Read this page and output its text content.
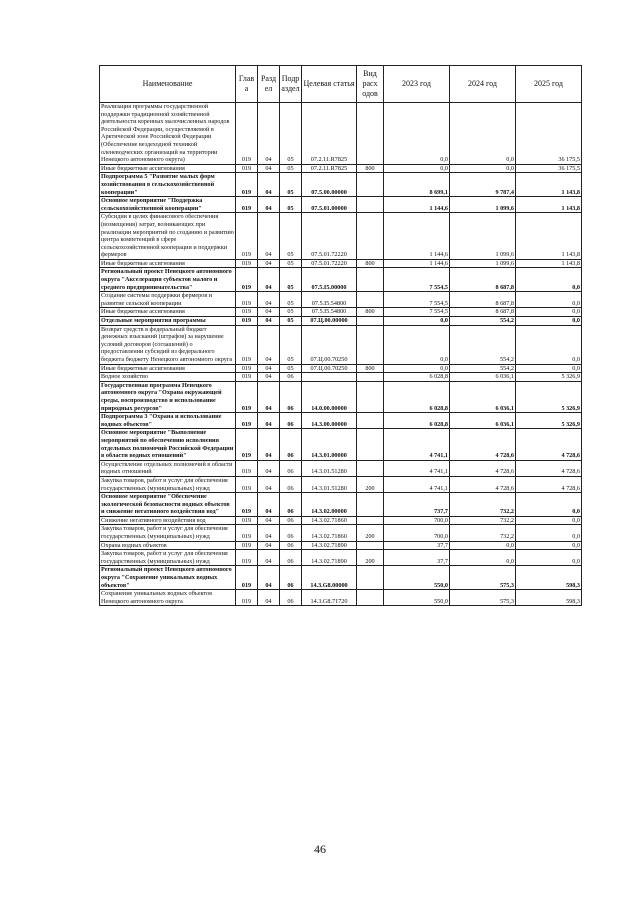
Наименование	Глав а	Разд ел	Подр аздел	Целевая статья	Вид расх одов	2023 год	2024 год	2025 год
Реализация программы государственной поддержки традиционной хозяйственной деятельности коренных малочисленных народов Российской Федерации, осуществляемой в Арктической зоне Российской Федерации (Обеспечение вездеходной техникой оленеводческих организаций на территории Ненецкого автономного округа)	019	04	05	07.2.11.R7825		0,0	0,0	36 175,5
Иные бюджетные ассигнования	019	04	05	07.2.11.R7825	800	0,0	0,0	36 175,5
Подпрограмма 5 "Развитие малых форм хозяйствования в сельскохозяйственной кооперации"	019	04	05	07.5.00.00000		8 699,1	9 787,4	1 143,8
Основное мероприятие "Поддержка сельскохозяйственной кооперации"	019	04	05	07.5.01.00000		1 144,6	1 099,6	1 143,8
Субсидии в целях финансового обеспечения (возмещения) затрат, возникающих при реализации мероприятий по созданию и развитию центра компетенций в сфере сельскохозяйственной кооперации и поддержки фермеров	019	04	05	07.5.01.72220		1 144,6	1 099,6	1 143,8
Иные бюджетные ассигнования	019	04	05	07.5.01.72220	800	1 144,6	1 099,6	1 143,8
Региональный проект Ненецкого автономного округа "Акселерация субъектов малого и среднего предпринимательства"	019	04	05	07.5.I5.00000		7 554,5	8 687,8	0,0
Создание системы поддержки фермеров и развитие сельской кооперации	019	04	05	07.5.I5.54800		7 554,5	8 687,8	0,0
Иные бюджетные ассигнования	019	04	05	07.5.I5.54800	800	7 554,5	8 687,8	0,0
Отдельные мероприятия программы	019	04	05	07.Ц.00.00000		0,0	554,2	0,0
Возврат средств в федеральный бюджет денежных взысканий (штрафов) за нарушение условий договоров (соглашений) о предоставлении субсидий из федерального бюджета бюджету Ненецкого автономного округа	019	04	05	07.Ц.00.70250		0,0	554,2	0,0
Иные бюджетные ассигнования	019	04	05	07.Ц.00.70250	800	0,0	554,2	0,0
Водное хозяйство	019	04	06			6 028,8	6 036,1	5 326,9
Государственная программа Ненецкого автономного округа "Охрана окружающей среды, воспроизводство и использование природных ресурсов"	019	04	06	14.0.00.00000		6 028,8	6 036,1	5 326,9
Подпрограмма 3 "Охрана и использование водных объектов"	019	04	06	14.3.00.00000		6 028,8	6 036,1	5 326,9
Основное мероприятие "Выполнение мероприятий по обеспечению исполнения отдельных полномочий Российской Федерации в области водных отношений"	019	04	06	14.3.01.00000		4 741,1	4 728,6	4 728,6
Осуществление отдельных полномочий в области водных отношений	019	04	06	14.3.01.51280		4 741,1	4 728,6	4 728,6
Закупка товаров, работ и услуг для обеспечения государственных (муниципальных) нужд	019	04	06	14.3.01.51280	200	4 741,1	4 728,6	4 728,6
Основное мероприятие "Обеспечение экологической безопасности водных объектов и снижение негативного воздействия вод"	019	04	06	14.3.02.00000		737,7	732,2	0,0
Снижение негативного воздействия вод	019	04	06	14.3.02.71860		700,0	732,2	0,0
Закупка товаров, работ и услуг для обеспечения государственных (муниципальных) нужд	019	04	06	14.3.02.71860	200	700,0	732,2	0,0
Охрана водных объектов	019	04	06	14.3.02.71890		37,7	0,0	0,0
Закупка товаров, работ и услуг для обеспечения государственных (муниципальных) нужд	019	04	06	14.3.02.71890	200	37,7	0,0	0,0
Региональный проект Ненецкого автономного округа "Сохранение уникальных водных объектов"	019	04	06	14.3.G8.00000		550,0	575,3	598,3
Сохранение уникальных водных объектов Ненецкого автономного округа	019	04	06	14.3.G8.71720		550,0	575,3	598,3
46
